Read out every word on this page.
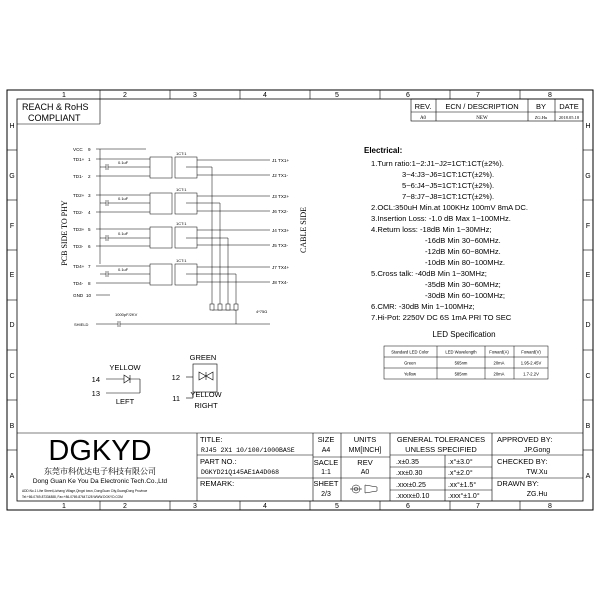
1	2	3	4	5	6	7	8
1	2	3	4	5	6	7	8
H
G
F
E
D
C
B
A
H
G
F
E
D
C
B
A
REACH & RoHS
COMPLIANT
REV. ECN / DESCRIPTION BY DATE
A0	NEW	ZG.Hu	2018.05.18
VCC 9
TD1+ 1
TD1- 2
TD2+ 3
TD2- 4
TD3+ 5
TD3- 6
TD4+ 7
TD4- 8
GND 10
0.1uF
0.1uF
0.1uF
0.1uF
1CT:1
1CT:1
1CT:1
1CT:1
SHIELD
1000pF/2KV
4*75Ω
J1 TX1+
J2 TX1-
J3 TX2+
J6 TX2-
J4 TX3+
J5 TX3-
J7 TX4+
J8 TX4-
PCB SIDE TO PHY	CABLE SIDE
Electrical:
1.Turn ratio:1~2:J1~J2=1CT:1CT(±2%).
3~4:J3~J6=1CT:1CT(±2%).
5~6:J4~J5=1CT:1CT(±2%).
7~8:J7~J8=1CT:1CT(±2%).
2.OCL:350uH Min.at 100KHz 100mV 8mA DC.
3.Insertion Loss: -1.0 dB Max 1~100MHz.
4.Return loss: -18dB Min 1~30MHz;
-16dB Min 30~60MHz.
-12dB Min 60~80MHz.
-10dB Min 80~100MHz.
5.Cross talk: -40dB Min 1~30MHz;
-35dB Min 30~60MHz;
-30dB Min 60~100MHz;
6.CMR: -30dB Min 1~100MHz;
7.Hi-Pot: 2250V DC 6S 1mA PRI TO SEC
LED Specification
Standard LED Color	LED Wavelength	Foward(A)	Foward(V)
Green	565nm	20mA	1.95-2.45V
Yellow	585nm	20mA	1.7-2.2V
YELLOW
14
13
LEFT
GREEN
12
11 YELLOW
RIGHT
DGKYD
东莞市科优达电子科技有限公司
Dong Guan Ke You Da Electronic Tech.Co.,Ltd
ADD:No.1 Lihe Street,Lizhang Village,Qingxi town, DongGuan City,GuangDong Province
Tel:+86-0769-87334888, Fax:+86-0769-87647128 WWW.DGKYD.COM
TITLE:
RJ45 2X1 10/100/1000BASE
PART NO.:
DGKYD21Q145AE1A4D068
REMARK:
SIZE
A4
SACLE
1:1
SHEET
2/3
UNITS
MM[INCH]
REV
A0
GENERAL TOLERANCES
UNLESS SPECIFIED
.x±0.35	.x°±3.0°
.xx±0.30	.x°±2.0°
.xxx±0.25	.xx°±1.5°
.xxxx±0.10	.xxx°±1.0°
APPROVED BY:
JP.Gong
CHECKED BY:
TW.Xu
DRAWN BY:
ZG.Hu
